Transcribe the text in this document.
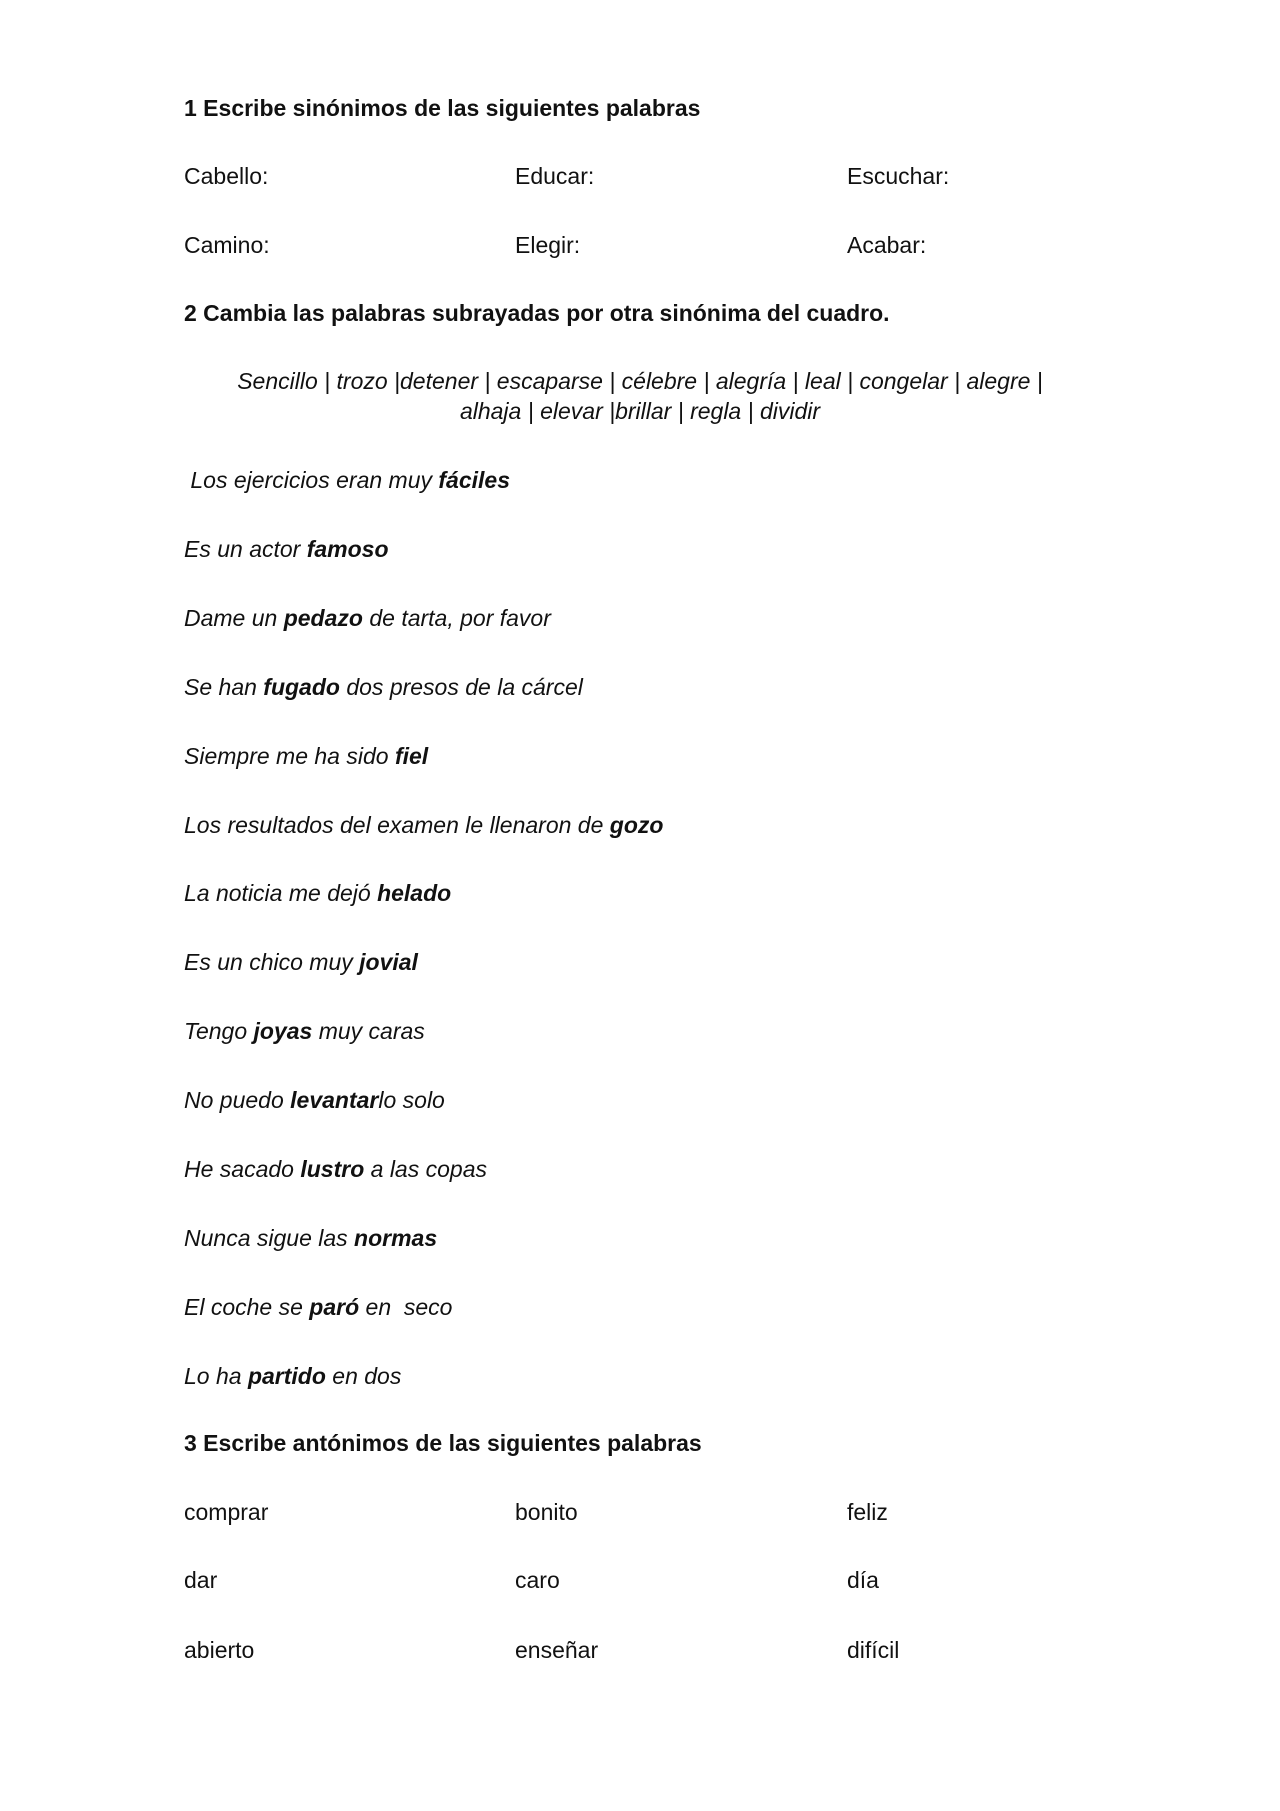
1 Escribe sinónimos de las siguientes palabras
Cabello:	Educar:	Escuchar:
Camino:	Elegir:	Acabar:
2 Cambia las palabras subrayadas por otra sinónima del cuadro.
Sencillo | trozo |detener | escaparse | célebre | alegría | leal | congelar | alegre |
alhaja | elevar |brillar | regla | dividir
Los ejercicios eran muy fáciles
Es un actor famoso
Dame un pedazo de tarta, por favor
Se han fugado dos presos de la cárcel
Siempre me ha sido fiel
Los resultados del examen le llenaron de gozo
La noticia me dejó helado
Es un chico muy jovial
Tengo joyas muy caras
No puedo levantarlo solo
He sacado lustro a las copas
Nunca sigue las normas
El coche se paró en  seco
Lo ha partido en dos
3 Escribe antónimos de las siguientes palabras
comprar	bonito	feliz
dar	caro	día
abierto	enseñar	difícil
